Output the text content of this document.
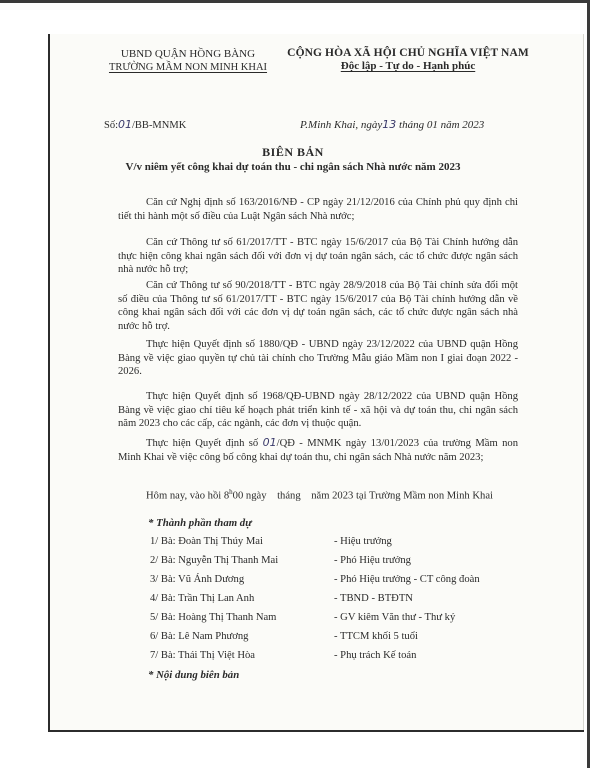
UBND QUẬN HỒNG BÀNG
TRƯỜNG MẦM NON MINH KHAI
CỘNG HÒA XÃ HỘI CHỦ NGHĨA VIỆT NAM
Độc lập - Tự do - Hạnh phúc
Số:01/BB-MNMK	P.Minh Khai, ngày13 tháng 01 năm 2023
BIÊN BẢN
V/v niêm yết công khai dự toán thu - chi ngân sách Nhà nước năm 2023
Căn cứ Nghị định số 163/2016/NĐ - CP ngày 21/12/2016 của Chính phủ quy định chi tiết thi hành một số điều của Luật Ngân sách Nhà nước;
Căn cứ Thông tư số 61/2017/TT - BTC ngày 15/6/2017 của Bộ Tài Chính hướng dẫn thực hiện công khai ngân sách đối với đơn vị dự toán ngân sách, các tổ chức được ngân sách nhà nước hỗ trợ;
Căn cứ Thông tư số 90/2018/TT - BTC ngày 28/9/2018 của Bộ Tài chính sửa đổi một số điều của Thông tư số 61/2017/TT - BTC ngày 15/6/2017 của Bộ Tài chính hướng dẫn về công khai ngân sách đối với các đơn vị dự toán ngân sách, các tổ chức được ngân sách nhà nước hỗ trợ.
Thực hiện Quyết định số 1880/QĐ - UBND ngày 23/12/2022 của UBND quận Hồng Bàng về việc giao quyền tự chủ tài chính cho Trường Mẫu giáo Mầm non I giai đoạn 2022 - 2026.
Thực hiện Quyết định số 1968/QĐ-UBND ngày 28/12/2022 của UBND quận Hồng Bàng về việc giao chỉ tiêu kế hoạch phát triển kinh tế - xã hội và dự toán thu, chi ngân sách năm 2023 cho các cấp, các ngành, các đơn vị thuộc quận.
Thực hiện Quyết định số 01/QĐ - MNMK ngày 13/01/2023 của trường Mầm non Minh Khai về việc công bố công khai dự toán thu, chi ngân sách Nhà nước năm 2023;
Hôm nay, vào hồi 8$^h$00 ngày    tháng    năm 2023 tại Trường Mầm non Minh Khai
* Thành phần tham dự
1/ Bà: Đoàn Thị Thúy Mai	- Hiệu trưởng
2/ Bà: Nguyễn Thị Thanh Mai	- Phó Hiệu trưởng
3/ Bà: Vũ Ánh Dương	- Phó Hiệu trưởng - CT công đoàn
4/ Bà: Trần Thị Lan Anh	- TBND - BTĐTN
5/ Bà: Hoàng Thị Thanh Nam	- GV kiêm Văn thư - Thư ký
6/ Bà: Lê Nam Phương	- TTCM khối 5 tuổi
7/ Bà: Thái Thị Việt Hòa	- Phụ trách Kế toán
* Nội dung biên bản
